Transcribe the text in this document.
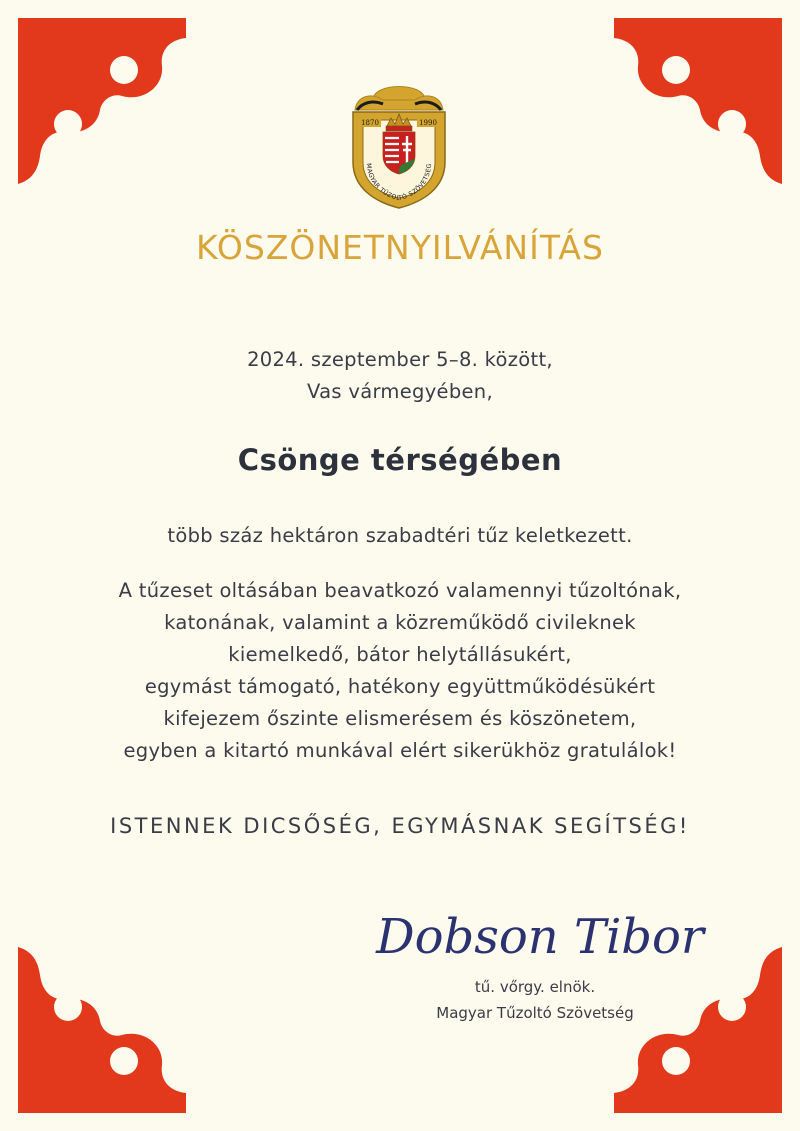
1870	1990
MAGYAR TŰZOLTÓ SZÖVETSÉG
KÖSZÖNETNYILVÁNÍTÁS
2024. szeptember 5–8. között,
Vas vármegyében,
Csönge térségében
több száz hektáron szabadtéri tűz keletkezett.
A tűzeset oltásában beavatkozó valamennyi tűzoltónak,
katonának, valamint a közreműködő civileknek
kiemelkedő, bátor helytállásukért,
egymást támogató, hatékony együttműködésükért
kifejezem őszinte elismerésem és köszönetem,
egyben a kitartó munkával elért sikerükhöz gratulálok!
ISTENNEK DICSŐSÉG, EGYMÁSNAK SEGÍTSÉG!
Dobson Tibor
tű. vőrgy. elnök.
Magyar Tűzoltó Szövetség
